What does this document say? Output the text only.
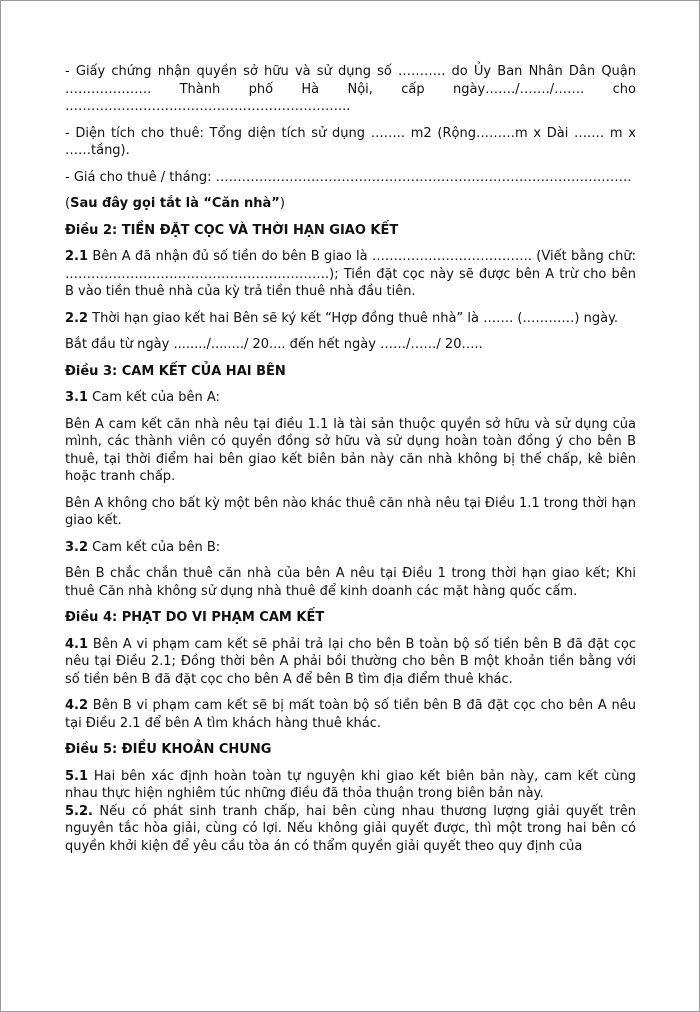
- Giấy chứng nhận quyền sở hữu và sử dụng số ……….. do Ủy Ban Nhân Dân Quận
…………….…. Thành phố Hà Nội, cấp ngày……./……./……. cho
………………………………………………………...
- Diện tích cho thuê: Tổng diện tích sử dụng …….. m2 (Rộng………m x Dài ….… m x ……tầng).
- Giá cho thuê / tháng: ……………………………………………………………………………………
(Sau đây gọi tắt là “Căn nhà”)
Điều 2: TIỀN ĐẶT CỌC VÀ THỜI HẠN GIAO KẾT
2.1 Bên A đã nhận đủ số tiền do bên B giao là ………………………………. (Viết bằng chữ: …………………………………………………….); Tiền đặt cọc này sẽ được bên A trừ cho bên B vào tiền thuê nhà của kỳ trả tiền thuê nhà đầu tiên.
2.2 Thời hạn giao kết hai Bên sẽ ký kết “Hợp đồng thuê nhà” là ……. (…………) ngày.
Bắt đầu từ ngày ......../......../ 20.... đến hết ngày ……/……/ 20…..
Điều 3: CAM KẾT CỦA HAI BÊN
3.1 Cam kết của bên A:
Bên A cam kết căn nhà nêu tại điều 1.1 là tài sản thuộc quyền sở hữu và sử dụng của mình, các thành viên có quyền đồng sở hữu và sử dụng hoàn toàn đồng ý cho bên B thuê, tại thời điểm hai bên giao kết biên bản này căn nhà không bị thế chấp, kê biên hoặc tranh chấp.
Bên A không cho bất kỳ một bên nào khác thuê căn nhà nêu tại Điều 1.1 trong thời hạn giao kết.
3.2 Cam kết của bên B:
Bên B chắc chắn thuê căn nhà của bên A nêu tại Điều 1 trong thời hạn giao kết; Khi thuê Căn nhà không sử dụng nhà thuê để kinh doanh các mặt hàng quốc cấm.
Điều 4: PHẠT DO VI PHẠM CAM KẾT
4.1 Bên A vi phạm cam kết sẽ phải trả lại cho bên B toàn bộ số tiền bên B đã đặt cọc nêu tại Điều 2.1; Đồng thời bên A phải bồi thường cho bên B một khoản tiền bằng với số tiền bên B đã đặt cọc cho bên A để bên B tìm địa điểm thuê khác.
4.2 Bên B vi phạm cam kết sẽ bị mất toàn bộ số tiền bên B đã đặt cọc cho bên A nêu tại Điều 2.1 để bên A tìm khách hàng thuê khác.
Điều 5: ĐIỀU KHOẢN CHUNG
5.1 Hai bên xác định hoàn toàn tự nguyện khi giao kết biên bản này, cam kết cùng nhau thực hiện nghiêm túc những điều đã thỏa thuận trong biên bản này.
5.2. Nếu có phát sinh tranh chấp, hai bên cùng nhau thương lượng giải quyết trên nguyên tắc hòa giải, cùng có lợi. Nếu không giải quyết được, thì một trong hai bên có quyền khởi kiện để yêu cầu tòa án có thẩm quyền giải quyết theo quy định của
